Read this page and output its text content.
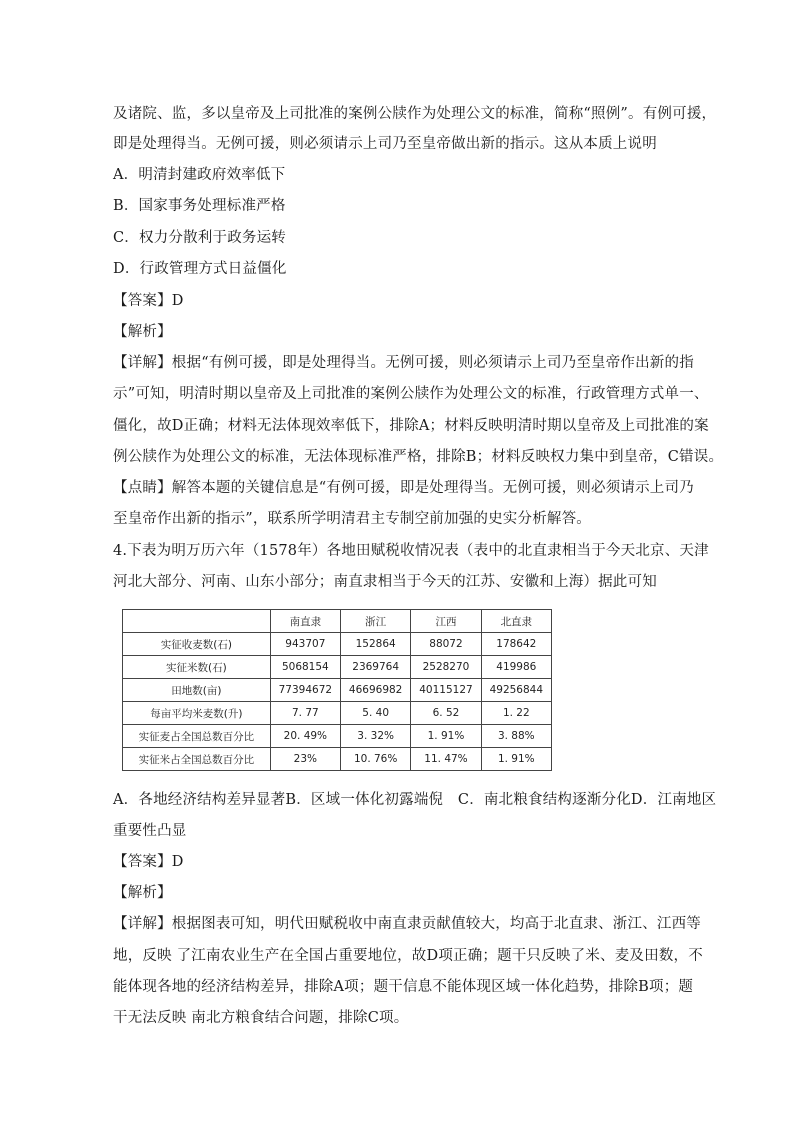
及诸院、监，多以皇帝及上司批准的案例公牍作为处理公文的标准，简称“照例”。有例可援，
即是处理得当。无例可援，则必须请示上司乃至皇帝做出新的指示。这从本质上说明
A．明清封建政府效率低下
B．国家事务处理标准严格
C．权力分散利于政务运转
D．行政管理方式日益僵化
【答案】D
【解析】
【详解】根据“有例可援，即是处理得当。无例可援，则必须请示上司乃至皇帝作出新的指
示”可知，明清时期以皇帝及上司批准的案例公牍作为处理公文的标准，行政管理方式单一、
僵化，故D正确；材料无法体现效率低下，排除A；材料反映明清时期以皇帝及上司批准的案
例公牍作为处理公文的标准，无法体现标准严格，排除B；材料反映权力集中到皇帝，C错误。
【点睛】解答本题的关键信息是“有例可援，即是处理得当。无例可援，则必须请示上司乃
至皇帝作出新的指示”，联系所学明清君主专制空前加强的史实分析解答。
4.下表为明万历六年（1578年）各地田赋税收情况表（表中的北直隶相当于今天北京、天津
河北大部分、河南、山东小部分；南直隶相当于今天的江苏、安徽和上海）据此可知
	南直隶	浙江	江西	北直隶
实征收麦数(石)	943707	152864	88072	178642
实征米数(石)	5068154	2369764	2528270	419986
田地数(亩)	77394672	46696982	40115127	49256844
每亩平均米麦数(升)	7. 77	5. 40	6. 52	1. 22
实征麦占全国总数百分比	20. 49%	3. 32%	1. 91%	3. 88%
实征米占全国总数百分比	23%	10. 76%	11. 47%	1. 91%
A．各地经济结构差异显著B．区域一体化初露端倪　C．南北粮食结构逐渐分化D．江南地区
重要性凸显
【答案】D
【解析】
【详解】根据图表可知，明代田赋税收中南直隶贡献值较大，均高于北直隶、浙江、江西等
地，反映 了江南农业生产在全国占重要地位，故D项正确；题干只反映了米、麦及田数，不
能体现各地的经济结构差异，排除A项；题干信息不能体现区域一体化趋势，排除B项；题
干无法反映 南北方粮食结合问题，排除C项。
